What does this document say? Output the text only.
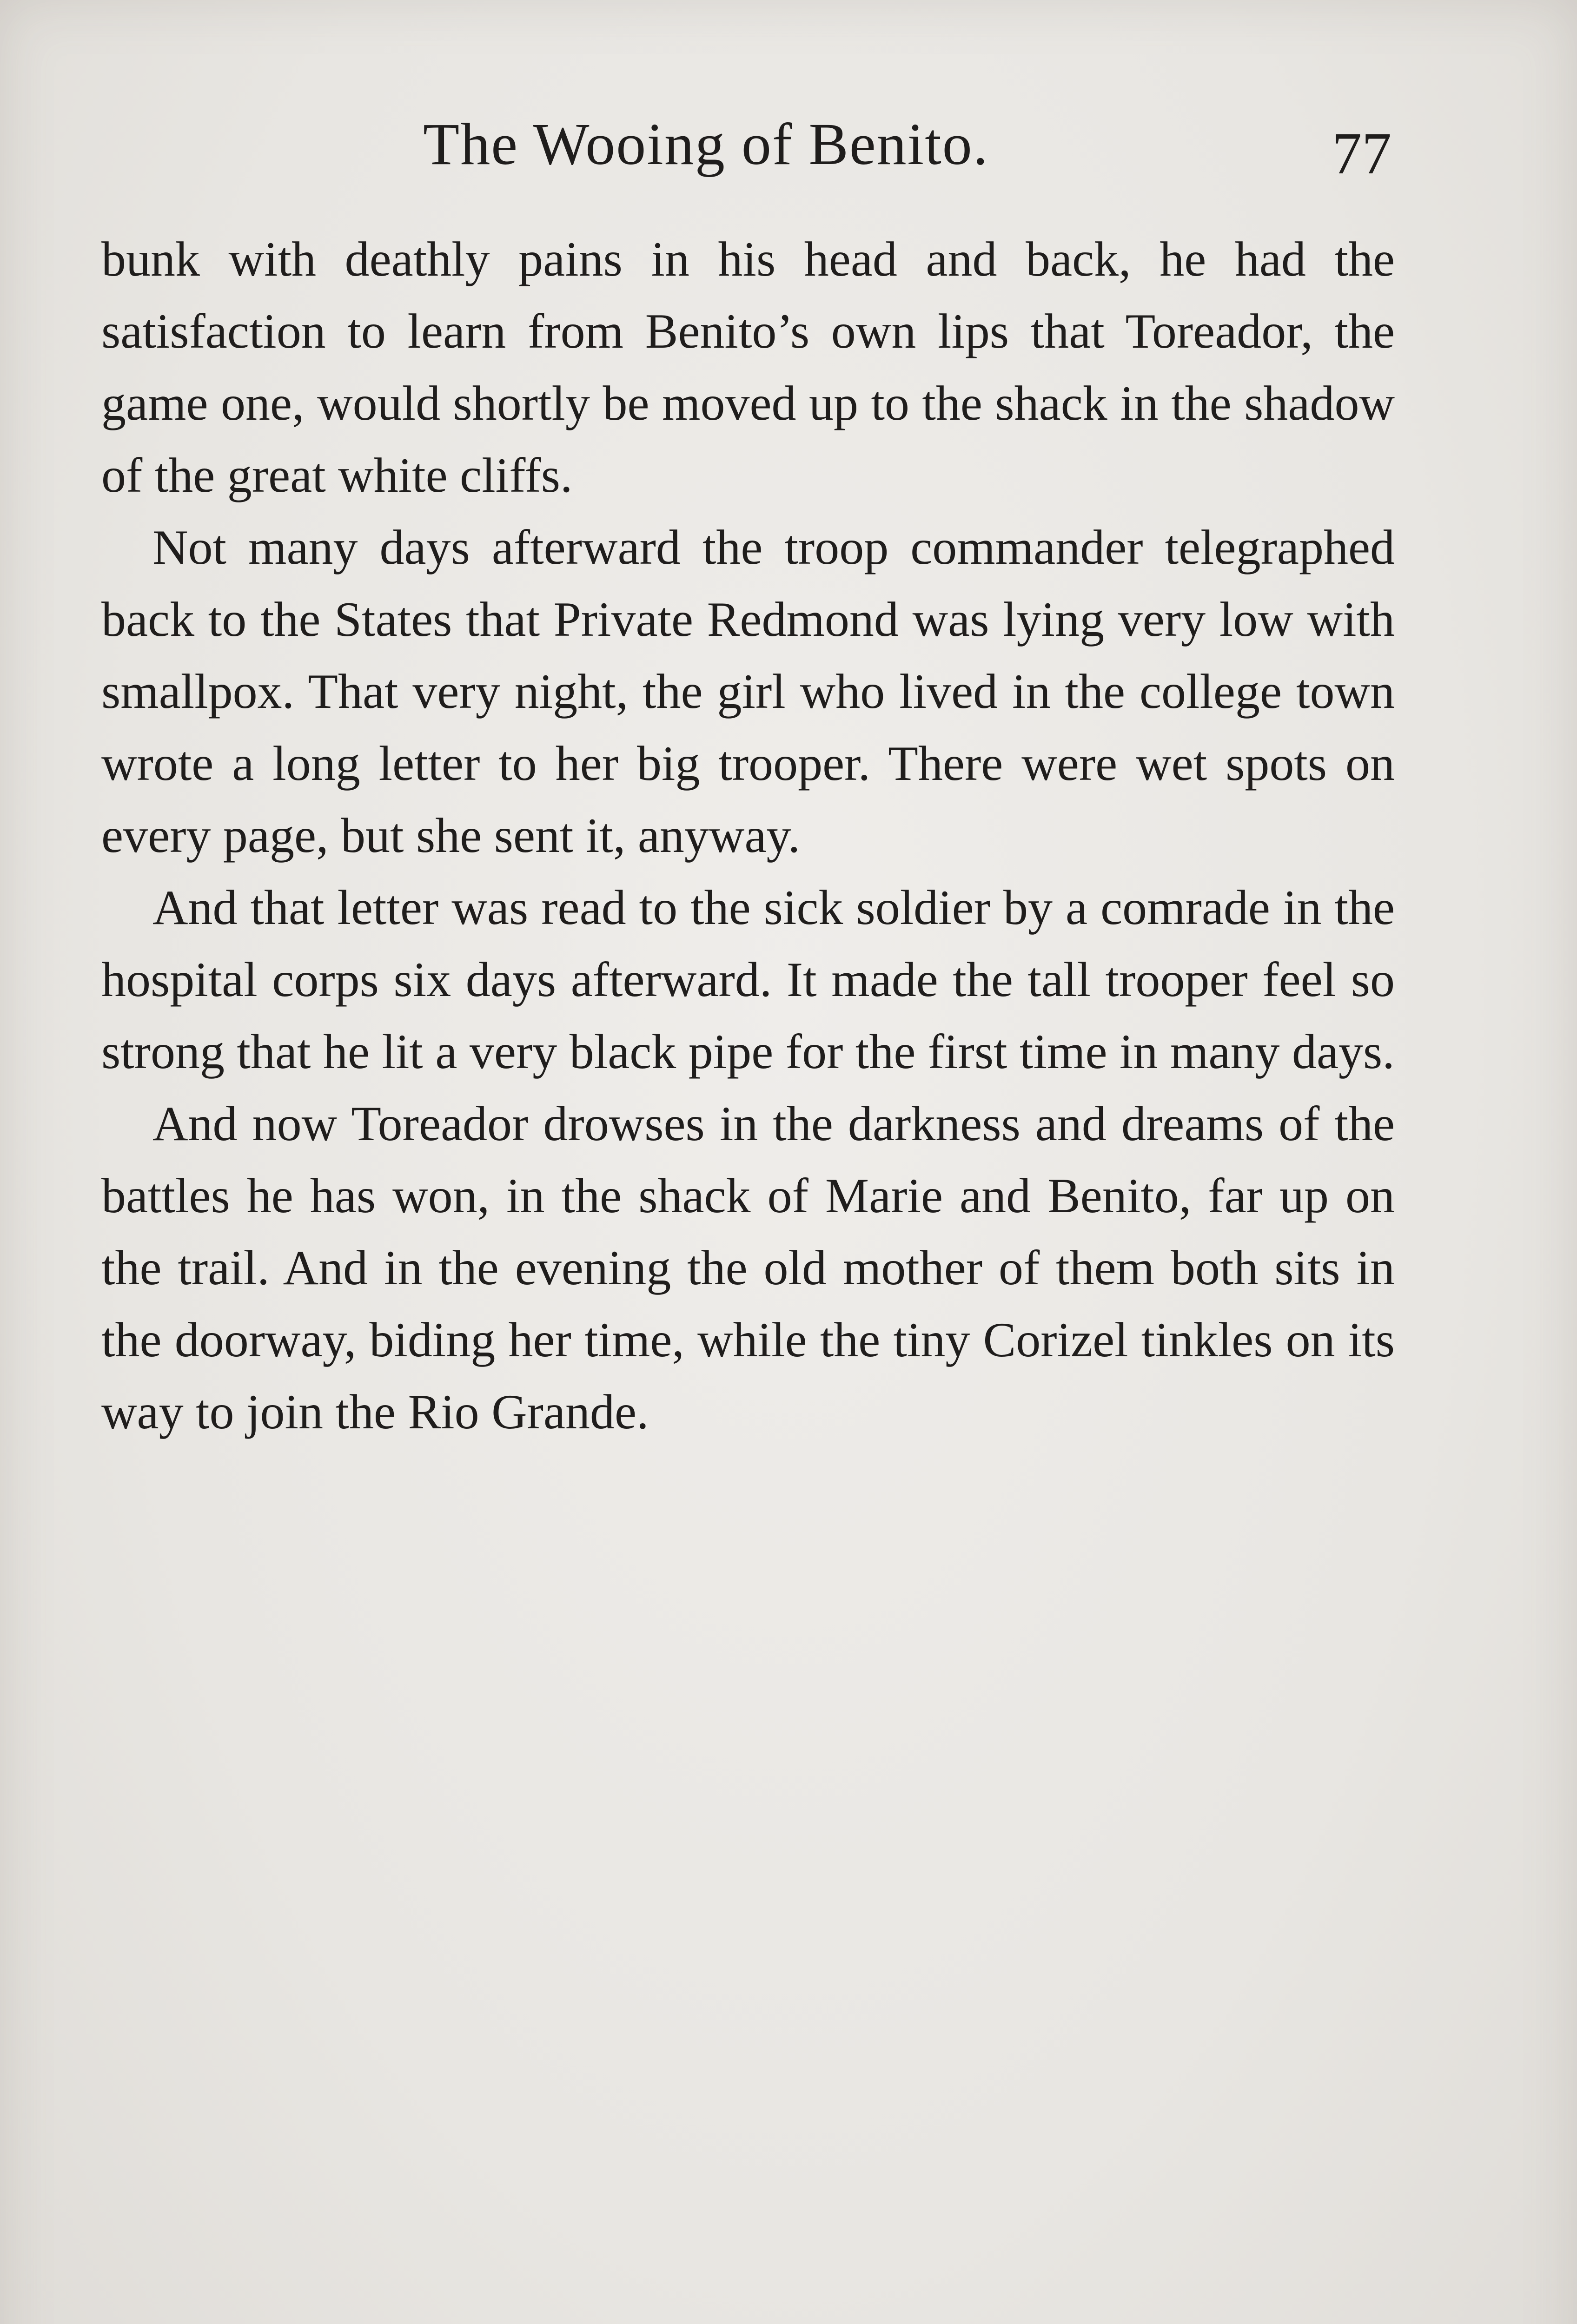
The Wooing of Benito.	77

bunk with deathly pains in his head and back, he had the satisfaction to learn from Benito’s own lips that Toreador, the game one, would shortly be moved up to the shack in the shadow of the great white cliffs.

Not many days afterward the troop commander telegraphed back to the States that Private Redmond was lying very low with smallpox. That very night, the girl who lived in the college town wrote a long letter to her big trooper. There were wet spots on every page, but she sent it, anyway.

And that letter was read to the sick soldier by a comrade in the hospital corps six days afterward. It made the tall trooper feel so strong that he lit a very black pipe for the first time in many days.

And now Toreador drowses in the darkness and dreams of the battles he has won, in the shack of Marie and Benito, far up on the trail. And in the evening the old mother of them both sits in the doorway, biding her time, while the tiny Corizel tinkles on its way to join the Rio Grande.
